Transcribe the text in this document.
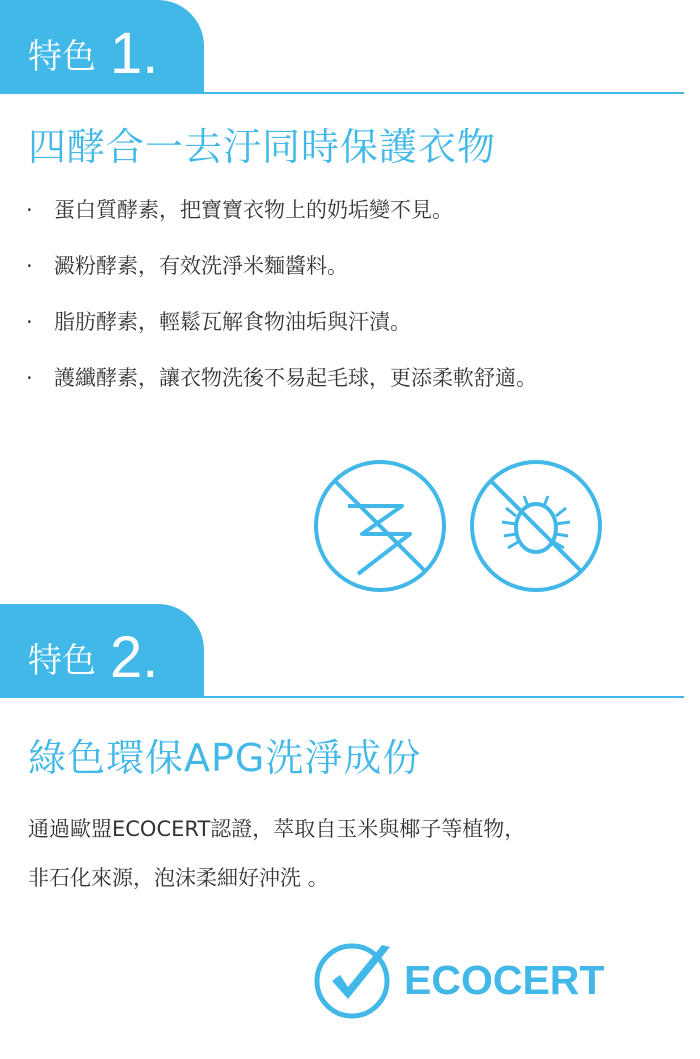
特色 1.
四酵合一去汙同時保護衣物
·	蛋白質酵素，把寶寶衣物上的奶垢變不見。
·	澱粉酵素，有效洗淨米麵醬料。
·	脂肪酵素，輕鬆瓦解食物油垢與汗漬。
·	護纖酵素，讓衣物洗後不易起毛球，更添柔軟舒適。
特色 2.
綠色環保APG洗淨成份
通過歐盟ECOCERT認證，萃取自玉米與椰子等植物，
非石化來源，泡沫柔細好沖洗 。
ECOCERT
